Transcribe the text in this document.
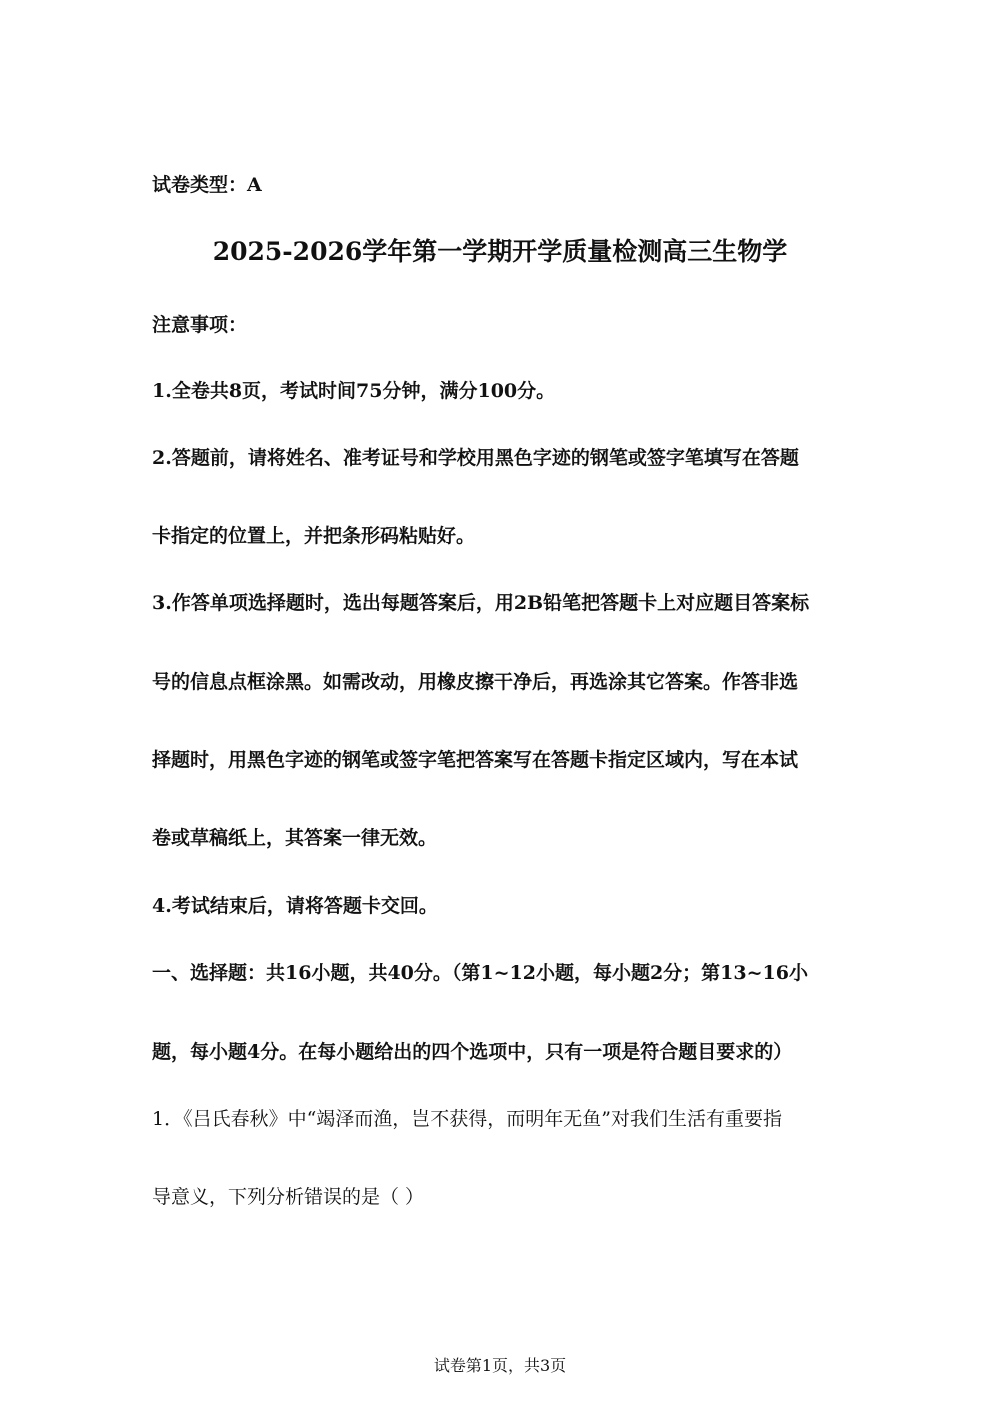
试卷类型：A
2025-2026学年第一学期开学质量检测高三生物学
注意事项：
1.全卷共8页，考试时间75分钟，满分100分。
2.答题前，请将姓名、准考证号和学校用黑色字迹的钢笔或签字笔填写在答题
卡指定的位置上，并把条形码粘贴好。
3.作答单项选择题时，选出每题答案后，用2B铅笔把答题卡上对应题目答案标
号的信息点框涂黑。如需改动，用橡皮擦干净后，再选涂其它答案。作答非选
择题时，用黑色字迹的钢笔或签字笔把答案写在答题卡指定区域内，写在本试
卷或草稿纸上，其答案一律无效。
4.考试结束后，请将答题卡交回。
一、选择题：共16小题，共40分。（第1~12小题，每小题2分；第13~16小
题，每小题4分。在每小题给出的四个选项中，只有一项是符合题目要求的）
1．《吕氏春秋》中“竭泽而渔，岂不获得，而明年无鱼”对我们生活有重要指
导意义，下列分析错误的是（ ）
试卷第1页，共3页
